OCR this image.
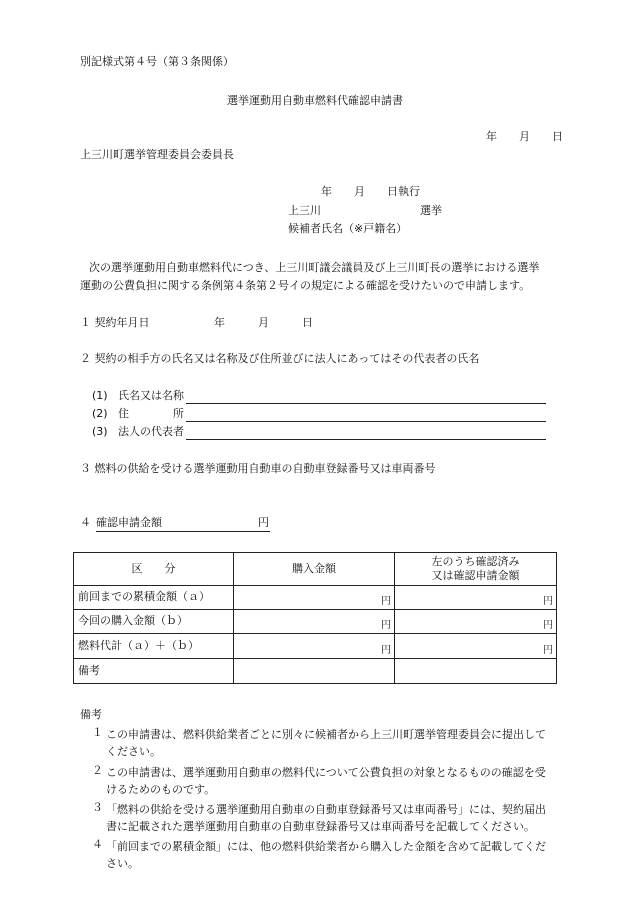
別記様式第４号（第３条関係）
選挙運動用自動車燃料代確認申請書
年　　月　　日
上三川町選挙管理委員会委員長
年　　月　　日執行
上三川　　　　　　　　　選挙
候補者氏名（※戸籍名）
次の選挙運動用自動車燃料代につき、上三川町議会議員及び上三川町長の選挙における選挙
運動の公費負担に関する条例第４条第２号イの規定による確認を受けたいので申請します。
１ 契約年月日	年　　　月　　　日
２ 契約の相手方の氏名又は名称及び住所並びに法人にあってはその代表者の氏名
(1) 氏名又は名称
(2) 住　　　　所
(3) 法人の代表者
３ 燃料の供給を受ける選挙運動用自動車の自動車登録番号又は車両番号
４ 確認申請金額	円
区　　分	購入金額	左のうち確認済み
又は確認申請金額

前回までの累積金額（ａ）	円	円
今回の購入金額（ｂ）	円	円
燃料代計（ａ）＋（ｂ）	円	円
備考		
備考
１ この申請書は、燃料供給業者ごとに別々に候補者から上三川町選挙管理委員会に提出してください。
２ この申請書は、選挙運動用自動車の燃料代について公費負担の対象となるものの確認を受けるためのものです。
３ 「燃料の供給を受ける選挙運動用自動車の自動車登録番号又は車両番号」には、契約届出書に記載された選挙運動用自動車の自動車登録番号又は車両番号を記載してください。
４ 「前回までの累積金額」には、他の燃料供給業者から購入した金額を含めて記載してください。
